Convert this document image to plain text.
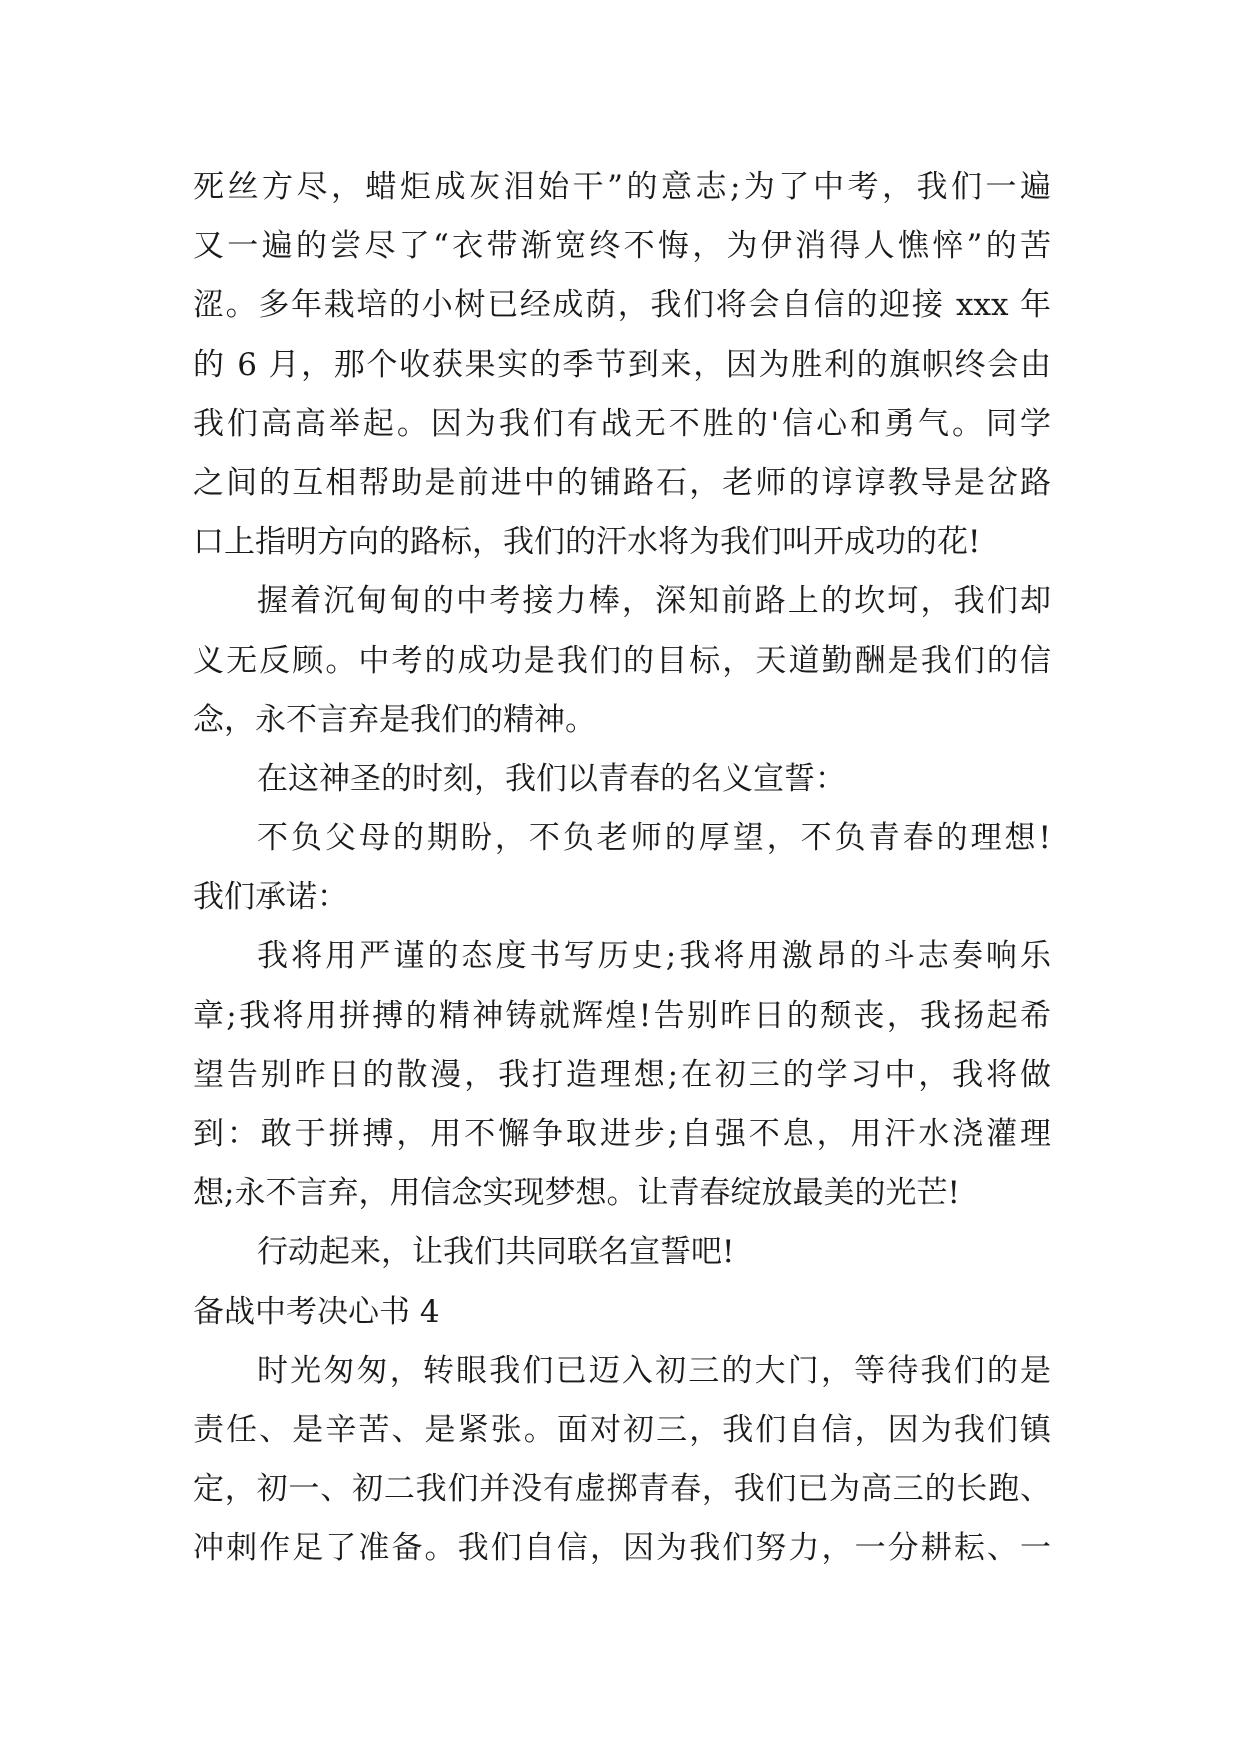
死丝方尽，蜡炬成灰泪始干”的意志;为了中考，我们一遍
又一遍的尝尽了“衣带渐宽终不悔，为伊消得人憔悴”的苦
涩。多年栽培的小树已经成荫，我们将会自信的迎接 xxx 年
的 6 月，那个收获果实的季节到来，因为胜利的旗帜终会由
我们高高举起。因为我们有战无不胜的'信心和勇气。同学
之间的互相帮助是前进中的铺路石，老师的谆谆教导是岔路
口上指明方向的路标，我们的汗水将为我们叫开成功的花!
握着沉甸甸的中考接力棒，深知前路上的坎坷，我们却
义无反顾。中考的成功是我们的目标，天道勤酬是我们的信
念，永不言弃是我们的精神。
在这神圣的时刻，我们以青春的名义宣誓：
不负父母的期盼，不负老师的厚望，不负青春的理想!
我们承诺：
我将用严谨的态度书写历史;我将用激昂的斗志奏响乐
章;我将用拼搏的精神铸就辉煌!告别昨日的颓丧，我扬起希
望告别昨日的散漫，我打造理想;在初三的学习中，我将做
到：敢于拼搏，用不懈争取进步;自强不息，用汗水浇灌理
想;永不言弃，用信念实现梦想。让青春绽放最美的光芒!
行动起来，让我们共同联名宣誓吧!
备战中考决心书 4
时光匆匆，转眼我们已迈入初三的大门，等待我们的是
责任、是辛苦、是紧张。面对初三，我们自信，因为我们镇
定，初一、初二我们并没有虚掷青春，我们已为高三的长跑、
冲刺作足了准备。我们自信，因为我们努力，一分耕耘、一
